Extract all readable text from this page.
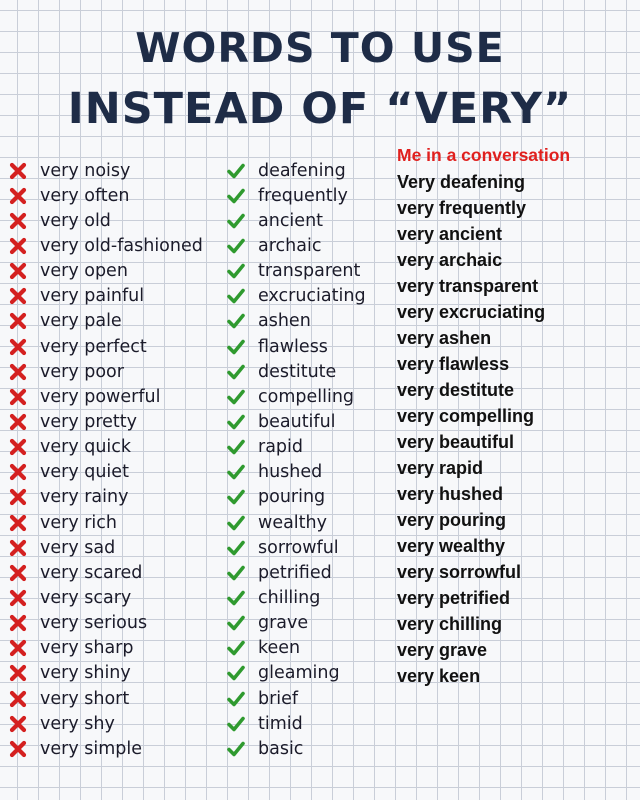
WORDS TO USE
INSTEAD OF “VERY”
very noisy
very often
very old
very old-fashioned
very open
very painful
very pale
very perfect
very poor
very powerful
very pretty
very quick
very quiet
very rainy
very rich
very sad
very scared
very scary
very serious
very sharp
very shiny
very short
very shy
very simple
deafening
frequently
ancient
archaic
transparent
excruciating
ashen
flawless
destitute
compelling
beautiful
rapid
hushed
pouring
wealthy
sorrowful
petrified
chilling
grave
keen
gleaming
brief
timid
basic

Me in a conversation

Very deafening
very frequently
very ancient
very archaic
very transparent
very excruciating
very ashen
very flawless
very destitute
very compelling
very beautiful
very rapid
very hushed
very pouring
very wealthy
very sorrowful
very petrified
very chilling
very grave
very keen
